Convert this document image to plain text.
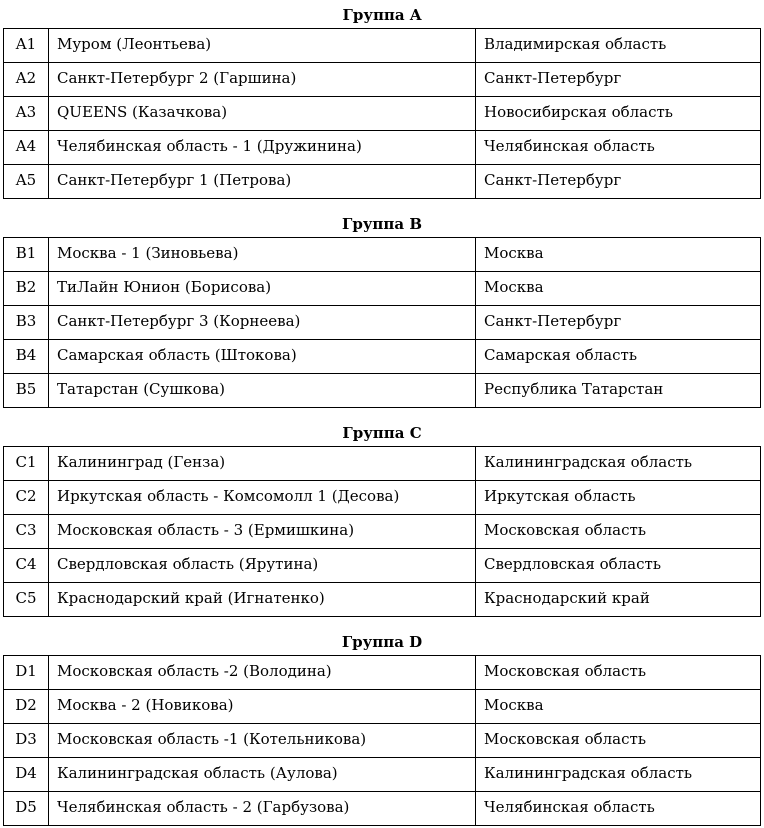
Группа A
A1	Муром (Леонтьева)	Владимирская область
A2	Санкт-Петербург 2 (Гаршина)	Санкт-Петербург
A3	QUEENS (Казачкова)	Новосибирская область
A4	Челябинская область - 1 (Дружинина)	Челябинская область
A5	Санкт-Петербург 1 (Петрова)	Санкт-Петербург
Группа B
B1	Москва - 1 (Зиновьева)	Москва
B2	ТиЛайн Юнион (Борисова)	Москва
B3	Санкт-Петербург 3 (Корнеева)	Санкт-Петербург
B4	Самарская область (Штокова)	Самарская область
B5	Татарстан (Сушкова)	Республика Татарстан
Группа C
C1	Калининград (Генза)	Калининградская область
C2	Иркутская область - Комсомолл 1 (Десова)	Иркутская область
C3	Московская область - 3 (Ермишкина)	Московская область
C4	Свердловская область (Ярутина)	Свердловская область
C5	Краснодарский край (Игнатенко)	Краснодарский край
Группа D
D1	Московская область -2 (Володина)	Московская область
D2	Москва - 2 (Новикова)	Москва
D3	Московская область -1 (Котельникова)	Московская область
D4	Калининградская область (Аулова)	Калининградская область
D5	Челябинская область - 2 (Гарбузова)	Челябинская область
